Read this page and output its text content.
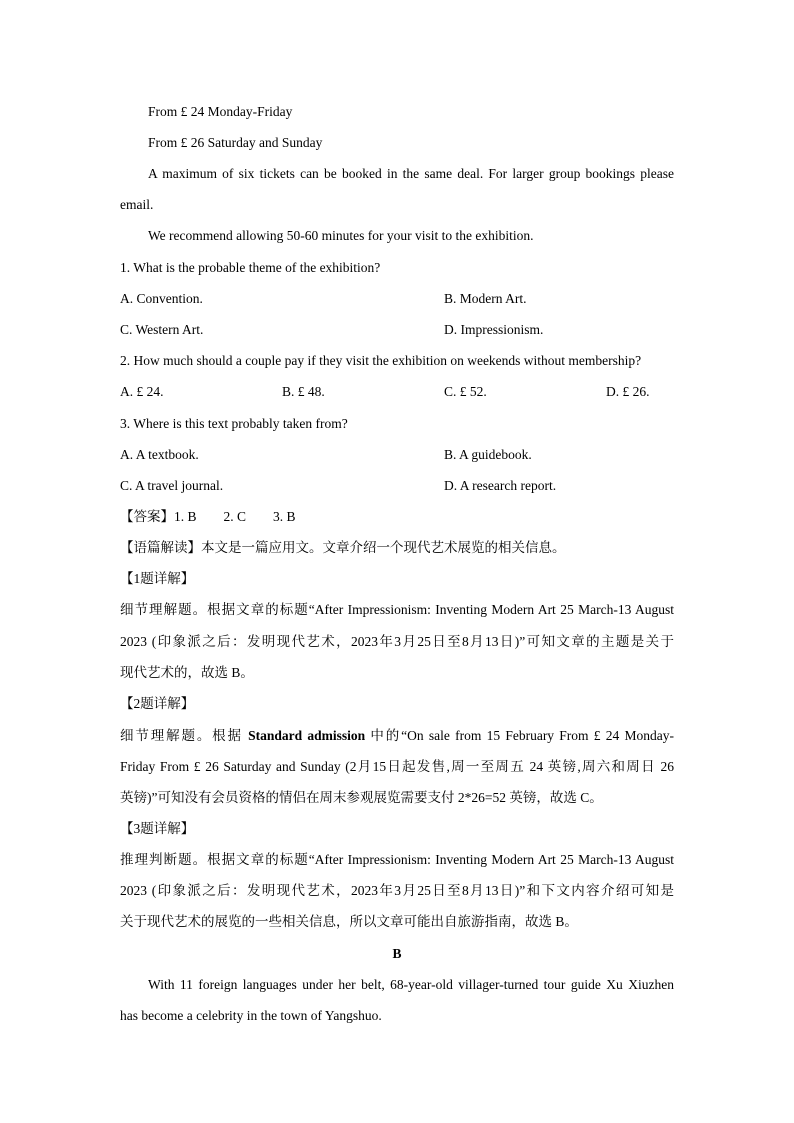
From £ 24 Monday-Friday
From £ 26 Saturday and Sunday
A maximum of six tickets can be booked in the same deal. For larger group bookings please
email.
We recommend allowing 50-60 minutes for your visit to the exhibition.
1. What is the probable theme of the exhibition?
A. Convention.	B. Modern Art.
C. Western Art.	D. Impressionism.
2. How much should a couple pay if they visit the exhibition on weekends without membership?
A. £ 24.	B. £ 48.	C. £ 52.	D. £ 26.
3. Where is this text probably taken from?
A. A textbook.	B. A guidebook.
C. A travel journal.	D. A research report.
【答案】1. B        2. C        3. B
【语篇解读】本文是一篇应用文。文章介绍一个现代艺术展览的相关信息。
【1题详解】
细节理解题。根据文章的标题“After Impressionism: Inventing Modern Art 25 March-13 August
2023 (印象派之后：发明现代艺术，2023年3月25日至8月13日)”可知文章的主题是关于
现代艺术的，故选 B。
【2题详解】
细节理解题。根据 Standard admission 中的“On sale from 15 February From £ 24 Monday-
Friday From £ 26 Saturday and Sunday (2月15日起发售,周一至周五 24 英镑,周六和周日 26
英镑)”可知没有会员资格的情侣在周末参观展览需要支付 2*26=52 英镑，故选 C。
【3题详解】
推理判断题。根据文章的标题“After Impressionism: Inventing Modern Art 25 March-13 August
2023 (印象派之后：发明现代艺术，2023年3月25日至8月13日)”和下文内容介绍可知是
关于现代艺术的展览的一些相关信息，所以文章可能出自旅游指南，故选 B。
B
With 11 foreign languages under her belt, 68-year-old villager-turned tour guide Xu Xiuzhen
has become a celebrity in the town of Yangshuo.
